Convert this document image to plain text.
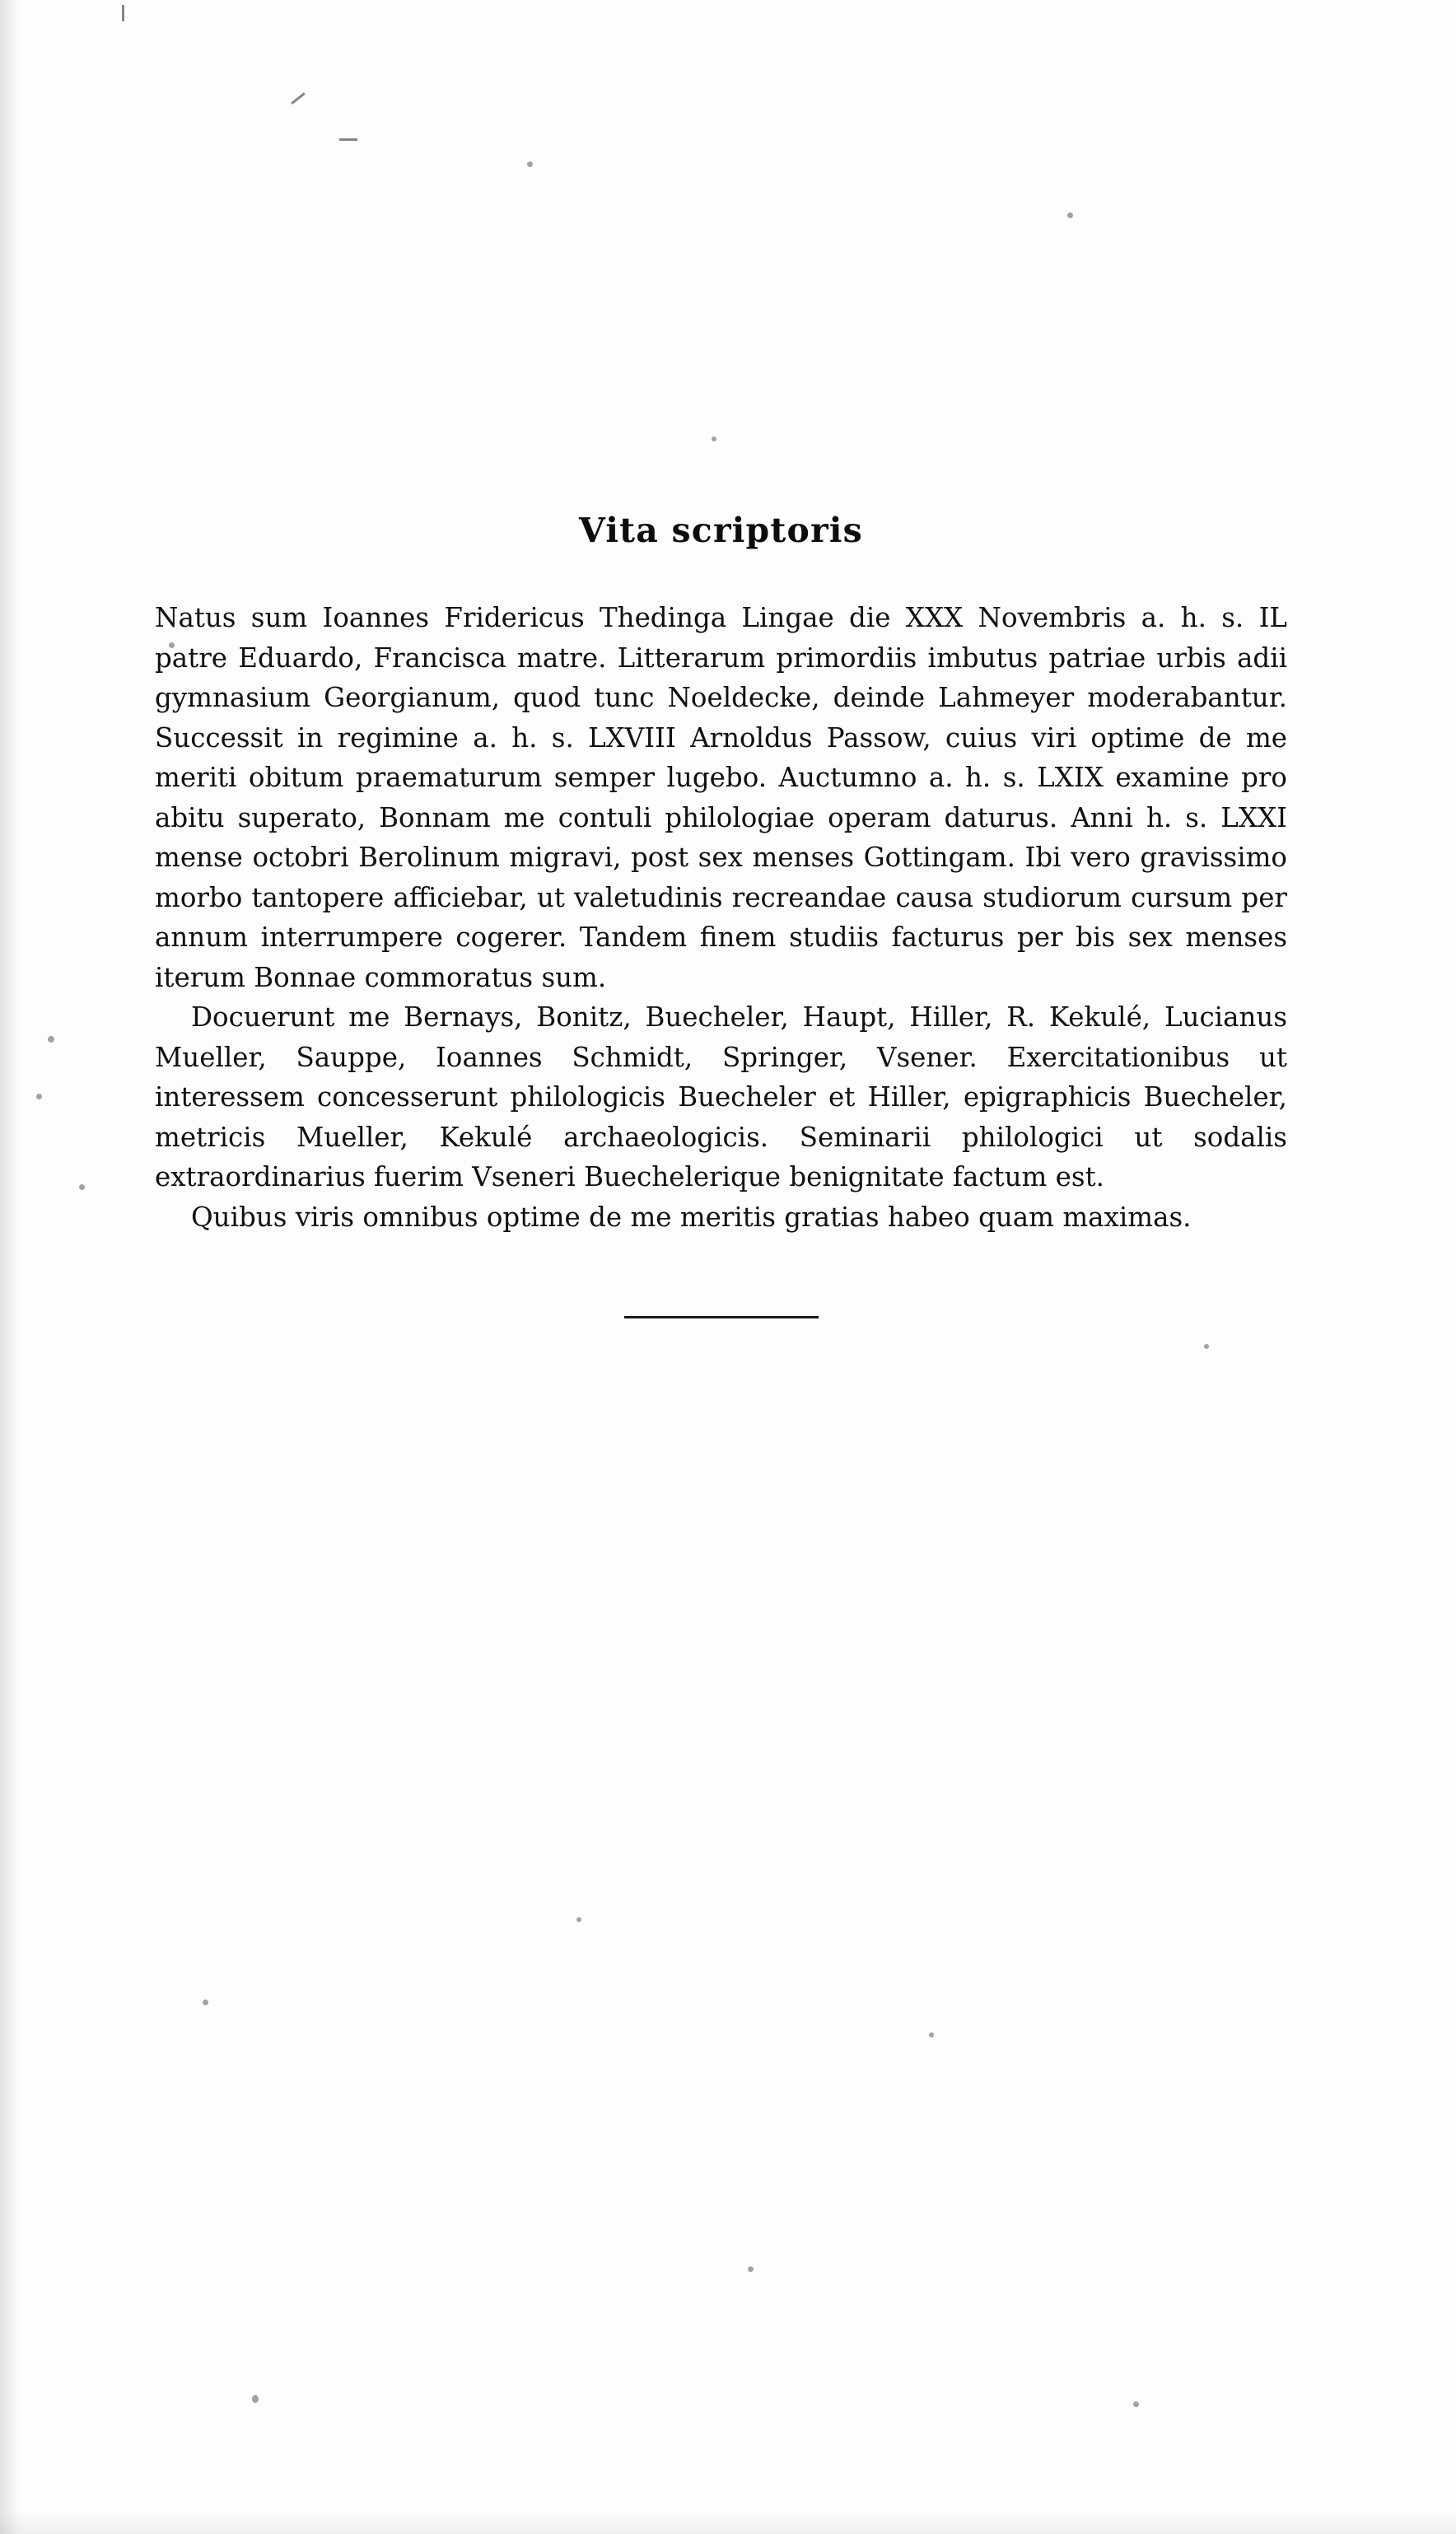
Vita scriptoris

Natus sum Ioannes Fridericus Thedinga Lingae die XXX Novembris a. h. s. IL patre Eduardo, Francisca matre. Litterarum primordiis imbutus patriae urbis adii gymnasium Georgianum, quod tunc Noeldecke, deinde Lahmeyer moderabantur. Successit in regimine a. h. s. LXVIII Arnoldus Passow, cuius viri optime de me meriti obitum praematurum semper lugebo. Auctumno a. h. s. LXIX examine pro abitu superato, Bonnam me contuli philologiae operam daturus. Anni h. s. LXXI mense octobri Berolinum migravi, post sex menses Gottingam. Ibi vero gravissimo morbo tantopere afficiebar, ut valetudinis recreandae causa studiorum cursum per annum interrumpere cogerer. Tandem finem studiis facturus per bis sex menses iterum Bonnae commoratus sum.

Docuerunt me Bernays, Bonitz, Buecheler, Haupt, Hiller, R. Kekulé, Lucianus Mueller, Sauppe, Ioannes Schmidt, Springer, Vsener. Exercitationibus ut interessem concesserunt philologicis Buecheler et Hiller, epigraphicis Buecheler, metricis Mueller, Kekulé archaeologicis. Seminarii philologici ut sodalis extraordinarius fuerim Vseneri Buechelerique benignitate factum est.

Quibus viris omnibus optime de me meritis gratias habeo quam maximas.
